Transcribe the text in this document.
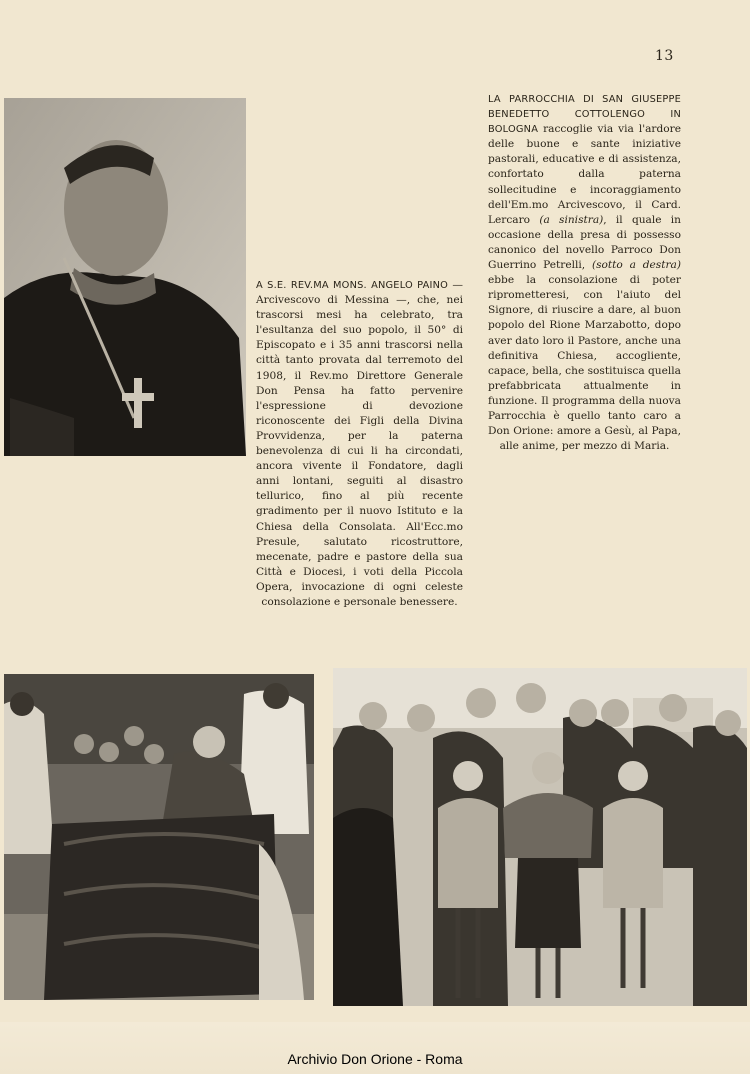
13
A S.E. REV.MA MONS. ANGELO PAINO — Arcivescovo di Messina —, che, nei trascorsi mesi ha celebrato, tra l'esultanza del suo popolo, il 50° di Episcopato e i 35 anni trascorsi nella città tanto provata dal terremoto del 1908, il Rev.mo Direttore Generale Don Pensa ha fatto pervenire l'espressione di devozione riconoscente dei Figli della Divina Provvidenza, per la paterna benevolenza di cui li ha circondati, ancora vivente il Fondatore, dagli anni lontani, seguiti al disastro tellurico, fino al più recente gradimento per il nuovo Istituto e la Chiesa della Consolata. All'Ecc.mo Presule, salutato ricostruttore, mecenate, padre e pastore della sua Città e Diocesi, i voti della Piccola Opera, invocazione di ogni celeste consolazione e personale benessere.
LA PARROCCHIA DI SAN GIUSEPPE BENEDETTO COTTOLENGO IN BOLOGNA raccoglie via via l'ardore delle buone e sante iniziative pastorali, educative e di assistenza, confortato dalla paterna sollecitudine e incoraggiamento dell'Em.mo Arcivescovo, il Card. Lercaro (a sinistra), il quale in occasione della presa di possesso canonico del novello Parroco Don Guerrino Petrelli, (sotto a destra) ebbe la consolazione di poter riprometteresi, con l'aiuto del Signore, di riuscire a dare, al buon popolo del Rione Marzabotto, dopo aver dato loro il Pastore, anche una definitiva Chiesa, accogliente, capace, bella, che sostituisca quella prefabbricata attualmente in funzione. Il programma della nuova Parrocchia è quello tanto caro a Don Orione: amore a Gesù, al Papa, alle anime, per mezzo di Maria.
Archivio Don Orione - Roma
